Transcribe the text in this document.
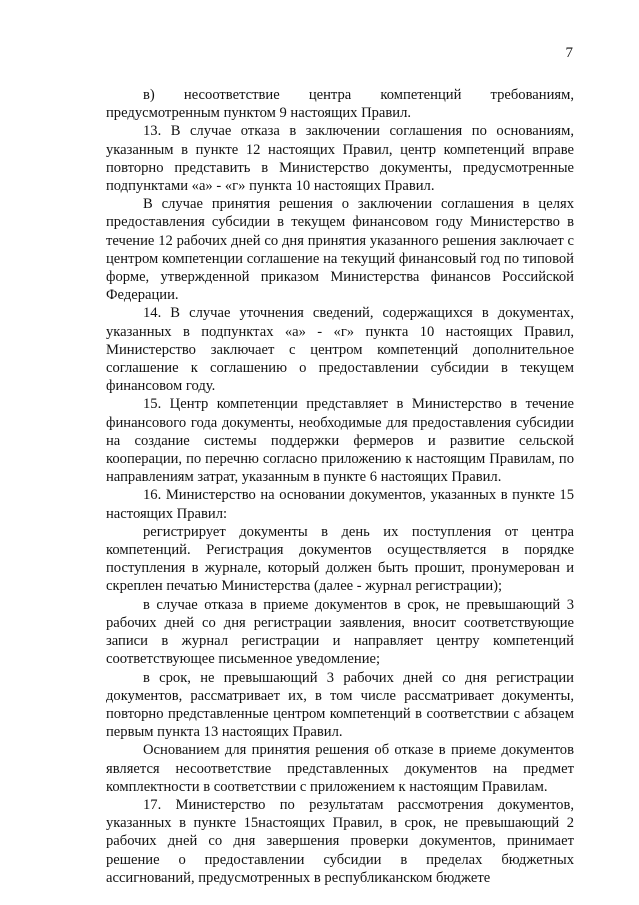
7

в) несоответствие центра компетенций требованиям, предусмотренным пунктом 9 настоящих Правил.

13. В случае отказа в заключении соглашения по основаниям, указанным в пункте 12 настоящих Правил, центр компетенций вправе повторно представить в Министерство документы, предусмотренные подпунктами «а» - «г» пункта 10 настоящих Правил.

В случае принятия решения о заключении соглашения в целях предоставления субсидии в текущем финансовом году Министерство в течение 12 рабочих дней со дня принятия указанного решения заключает с центром компетенции соглашение на текущий финансовый год по типовой форме, утвержденной приказом Министерства финансов Российской Федерации.

14. В случае уточнения сведений, содержащихся в документах, указанных в подпунктах «а» - «г» пункта 10 настоящих Правил, Министерство заключает с центром компетенций дополнительное соглашение к соглашению о предоставлении субсидии в текущем финансовом году.

15. Центр компетенции представляет в Министерство в течение финансового года документы, необходимые для предоставления субсидии на создание системы поддержки фермеров и развитие сельской кооперации, по перечню согласно приложению к настоящим Правилам, по направлениям затрат, указанным в пункте 6 настоящих Правил.

16. Министерство на основании документов, указанных в пункте 15 настоящих Правил:

регистрирует документы в день их поступления от центра компетенций. Регистрация документов осуществляется в порядке поступления в журнале, который должен быть прошит, пронумерован и скреплен печатью Министерства (далее - журнал регистрации);

в случае отказа в приеме документов в срок, не превышающий 3 рабочих дней со дня регистрации заявления, вносит соответствующие записи в журнал регистрации и направляет центру компетенций соответствующее письменное уведомление;

в срок, не превышающий 3 рабочих дней со дня регистрации документов, рассматривает их, в том числе рассматривает документы, повторно представленные центром компетенций в соответствии с абзацем первым пункта 13 настоящих Правил.

Основанием для принятия решения об отказе в приеме документов является несоответствие представленных документов на предмет комплектности в соответствии с приложением к настоящим Правилам.

17. Министерство по результатам рассмотрения документов, указанных в пункте 15настоящих Правил, в срок, не превышающий 2 рабочих дней со дня завершения проверки документов, принимает решение о предоставлении субсидии в пределах бюджетных ассигнований, предусмотренных в республиканском бюджете
